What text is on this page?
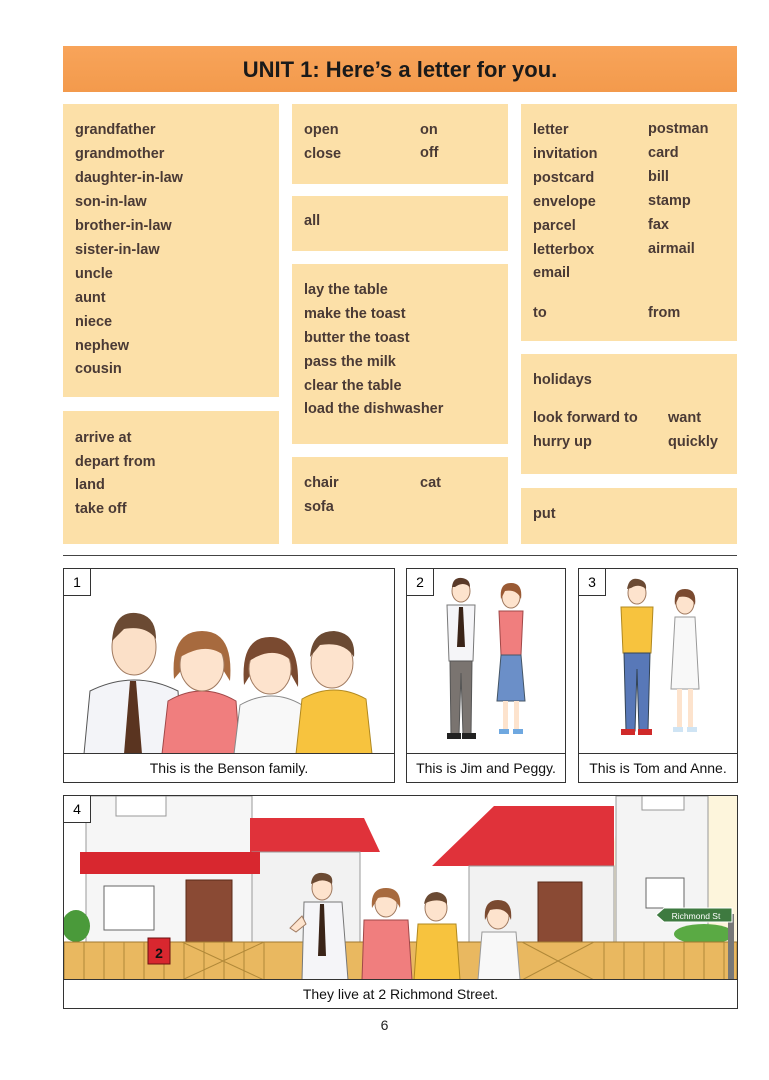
UNIT 1: Here’s a letter for you.
grandfather
grandmother
daughter-in-law
son-in-law
brother-in-law
sister-in-law
uncle
aunt
niece
nephew
cousin
arrive at
depart from
land
take off
open
close
on
off
all
lay the table
make the toast
butter the toast
pass the milk
clear the table
load the dishwasher
chair
sofa
cat
letter
invitation
postcard
envelope
parcel
letterbox
email
postman
card
bill
stamp
fax
airmail
to	from
holidays
look forward to
hurry up
want
quickly
put
1
This is the Benson family.
2
This is Jim and Peggy.
3
This is Tom and Anne.
4
2
Richmond St
They live at 2 Richmond Street.
6
